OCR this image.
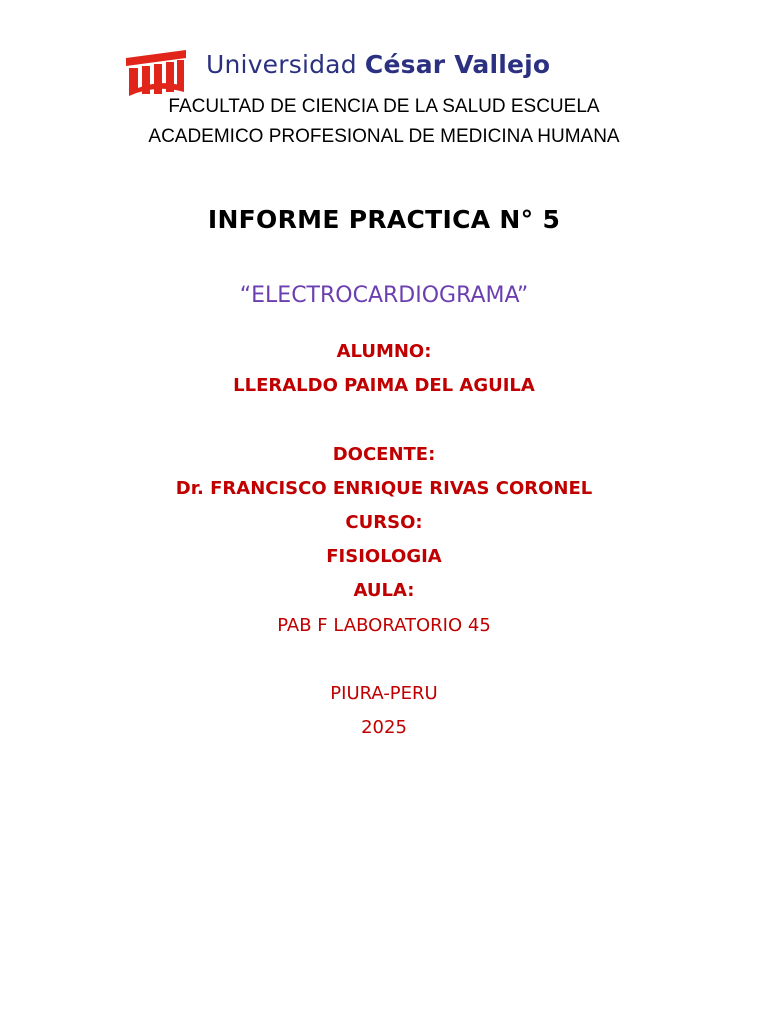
Universidad César Vallejo
FACULTAD DE CIENCIA DE LA SALUD ESCUELA
ACADEMICO PROFESIONAL DE MEDICINA HUMANA
INFORME PRACTICA N° 5
“ELECTROCARDIOGRAMA”
ALUMNO:
LLERALDO PAIMA DEL AGUILA
DOCENTE:
Dr. FRANCISCO ENRIQUE RIVAS CORONEL
CURSO:
FISIOLOGIA
AULA:
PAB F LABORATORIO 45
PIURA-PERU
2025
